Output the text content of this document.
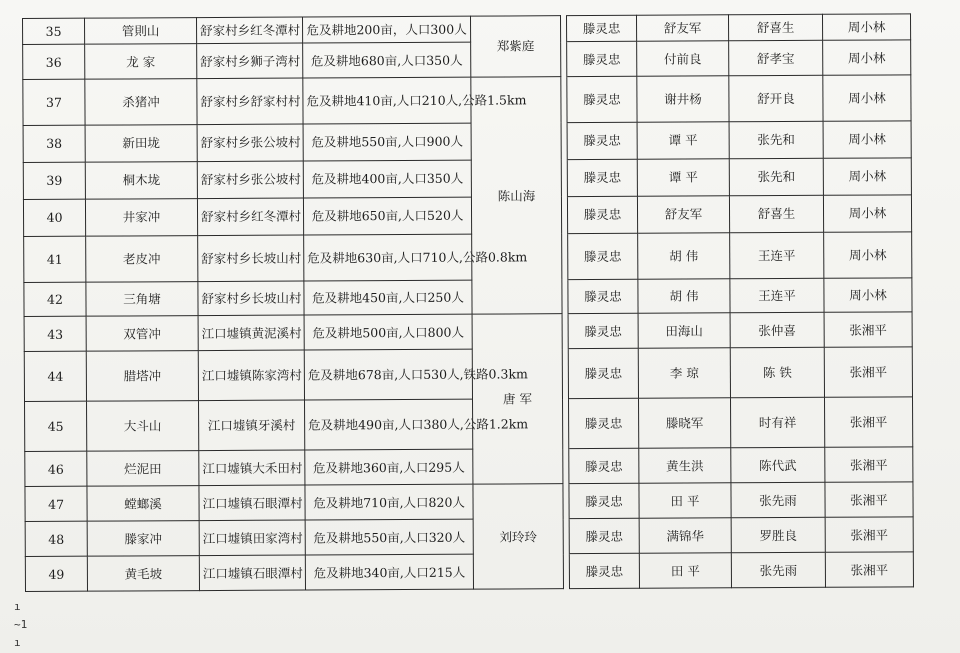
35	管則山	舒家村乡红冬潭村	危及耕地200亩，人口300人	郑紫庭		滕灵忠	舒友军	舒喜生	周小林
36	龙 家	舒家村乡狮子湾村	危及耕地680亩,人口350人			滕灵忠	付前良	舒孝宝	周小林
37	杀猪冲	舒家村乡舒家村村	危及耕地410亩,人口210人,公路1.5km	陈山海		滕灵忠	谢井杨	舒开良	周小林
38	新田垅	舒家村乡张公坡村	危及耕地550亩,人口900人			滕灵忠	谭 平	张先和	周小林
39	桐木垅	舒家村乡张公坡村	危及耕地400亩,人口350人			滕灵忠	谭 平	张先和	周小林
40	井家冲	舒家村乡红冬潭村	危及耕地650亩,人口520人			滕灵忠	舒友军	舒喜生	周小林
41	老皮冲	舒家村乡长坡山村	危及耕地630亩,人口710人,公路0.8km			滕灵忠	胡 伟	王连平	周小林
42	三角塘	舒家村乡长坡山村	危及耕地450亩,人口250人			滕灵忠	胡 伟	王连平	周小林
43	双管冲	江口墟镇黄泥溪村	危及耕地500亩,人口800人	唐 军		滕灵忠	田海山	张仲喜	张湘平
44	腊塔冲	江口墟镇陈家湾村	危及耕地678亩,人口530人,铁路0.3km			滕灵忠	李 琼	陈 铁	张湘平
45	大斗山	江口墟镇牙溪村	危及耕地490亩,人口380人,公路1.2km			滕灵忠	滕晓军	时有祥	张湘平
46	烂泥田	江口墟镇大禾田村	危及耕地360亩,人口295人			滕灵忠	黄生洪	陈代武	张湘平
47	螳螂溪	江口墟镇石眼潭村	危及耕地710亩,人口820人	刘玲玲		滕灵忠	田 平	张先雨	张湘平
48	滕家冲	江口墟镇田家湾村	危及耕地550亩,人口320人			滕灵忠	满锦华	罗胜良	张湘平
49	黄毛坡	江口墟镇石眼潭村	危及耕地340亩,人口215人			滕灵忠	田 平	张先雨	张湘平
ı
~1
ı
